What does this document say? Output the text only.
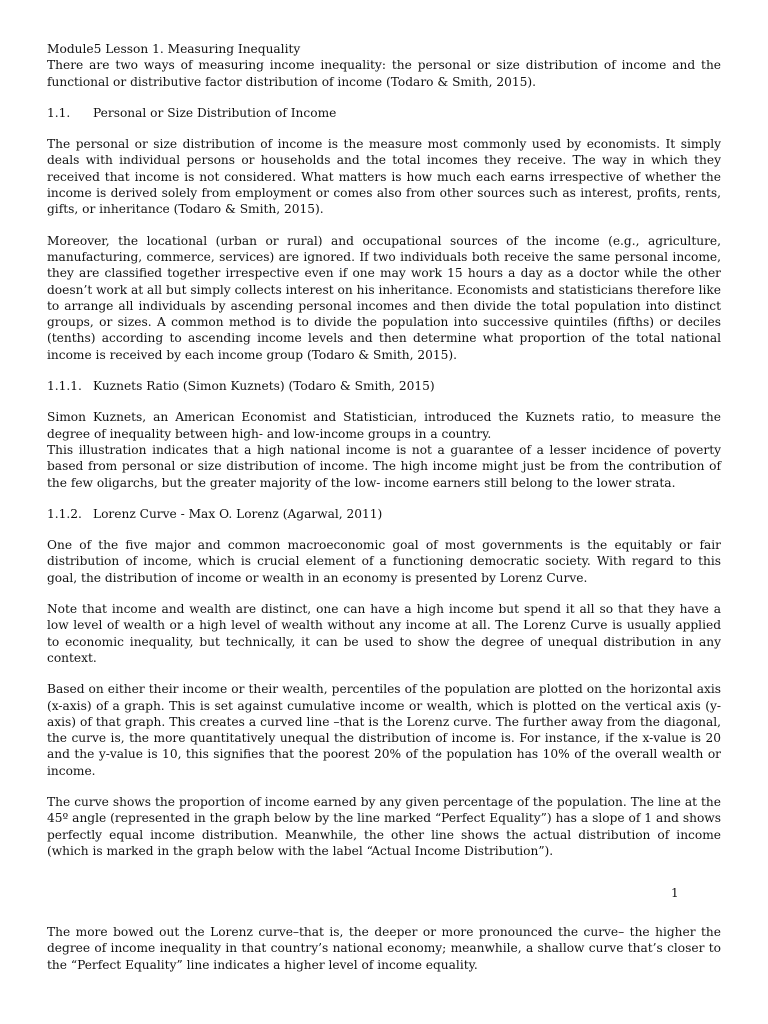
Module5 Lesson 1. Measuring Inequality

There are two ways of measuring income inequality: the personal or size distribution of income and the functional or distributive factor distribution of income (Todaro & Smith, 2015).

1.1.	Personal or Size Distribution of Income

The personal or size distribution of income is the measure most commonly used by economists. It simply deals with individual persons or households and the total incomes they receive. The way in which they received that income is not considered. What matters is how much each earns irrespective of whether the income is derived solely from employment or comes also from other sources such as interest, profits, rents, gifts, or inheritance (Todaro & Smith, 2015).

Moreover, the locational (urban or rural) and occupational sources of the income (e.g., agriculture, manufacturing, commerce, services) are ignored. If two individuals both receive the same personal income, they are classified together irrespective even if one may work 15 hours a day as a doctor while the other doesn’t work at all but simply collects interest on his inheritance. Economists and statisticians therefore like to arrange all individuals by ascending personal incomes and then divide the total population into distinct groups, or sizes. A common method is to divide the population into successive quintiles (fifths) or deciles (tenths) according to ascending income levels and then determine what proportion of the total national income is received by each income group (Todaro & Smith, 2015).

1.1.1. Kuznets Ratio (Simon Kuznets) (Todaro & Smith, 2015)

Simon Kuznets, an American Economist and Statistician, introduced the Kuznets ratio, to measure the degree of inequality between high- and low-income groups in a country.

This illustration indicates that a high national income is not a guarantee of a lesser incidence of poverty based from personal or size distribution of income. The high income might just be from the contribution of the few oligarchs, but the greater majority of the low- income earners still belong to the lower strata.

1.1.2. Lorenz Curve - Max O. Lorenz (Agarwal, 2011)

One of the five major and common macroeconomic goal of most governments is the equitably or fair distribution of income, which is crucial element of a functioning democratic society. With regard to this goal, the distribution of income or wealth in an economy is presented by Lorenz Curve.

Note that income and wealth are distinct, one can have a high income but spend it all so that they have a low level of wealth or a high level of wealth without any income at all. The Lorenz Curve is usually applied to economic inequality, but technically, it can be used to show the degree of unequal distribution in any context.

Based on either their income or their wealth, percentiles of the population are plotted on the horizontal axis (x-axis) of a graph. This is set against cumulative income or wealth, which is plotted on the vertical axis (y-axis) of that graph. This creates a curved line –that is the Lorenz curve. The further away from the diagonal, the curve is, the more quantitatively unequal the distribution of income is. For instance, if the x-value is 20 and the y-value is 10, this signifies that the poorest 20% of the population has 10% of the overall wealth or income.

The curve shows the proportion of income earned by any given percentage of the population. The line at the 45º angle (represented in the graph below by the line marked “Perfect Equality”) has a slope of 1 and shows perfectly equal income distribution. Meanwhile, the other line shows the actual distribution of income (which is marked in the graph below with the label “Actual Income Distribution”).

1

The more bowed out the Lorenz curve–that is, the deeper or more pronounced the curve– the higher the degree of income inequality in that country’s national economy; meanwhile, a shallow curve that’s closer to the “Perfect Equality” line indicates a higher level of income equality.
